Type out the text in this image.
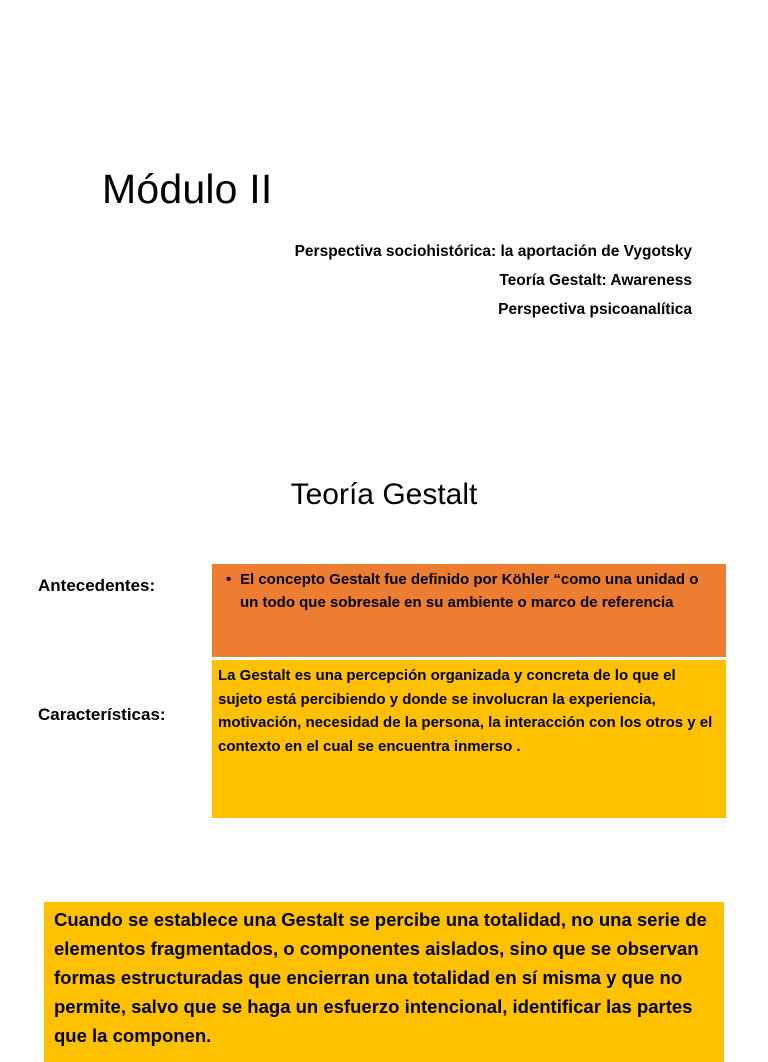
Módulo II
Perspectiva sociohistórica: la aportación de Vygotsky
Teoría Gestalt: Awareness
Perspectiva psicoanalítica
Teoría Gestalt
Antecedentes:	• El concepto Gestalt fue definido por Köhler “como una unidad o un todo que sobresale en su ambiente o marco de referencia
Características:
La Gestalt es una percepción organizada y concreta de lo que el sujeto está percibiendo y donde se involucran la experiencia, motivación, necesidad de la persona, la interacción con los otros y el contexto en el cual se encuentra inmerso .
Cuando se establece una Gestalt se percibe una totalidad, no una serie de elementos fragmentados, o componentes aislados, sino que se observan formas estructuradas que encierran una totalidad en sí misma y que no permite, salvo que se haga un esfuerzo intencional, identificar las partes que la componen.
